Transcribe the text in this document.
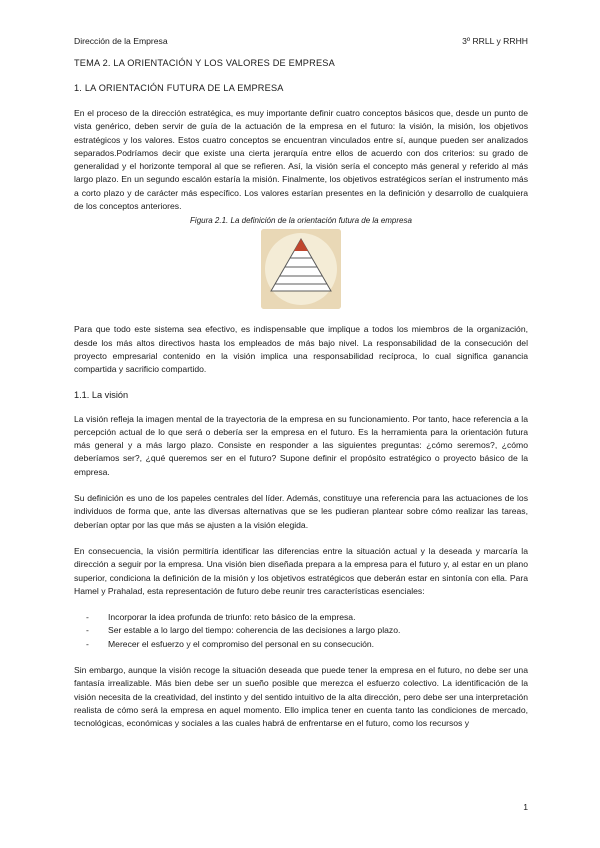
Dirección de la Empresa	3º RRLL y RRHH
TEMA 2. LA ORIENTACIÓN Y LOS VALORES DE EMPRESA
1. LA ORIENTACIÓN FUTURA DE LA EMPRESA

En el proceso de la dirección estratégica, es muy importante definir cuatro conceptos básicos que, desde un punto de vista genérico, deben servir de guía de la actuación de la empresa en el futuro: la visión, la misión, los objetivos estratégicos y los valores. Estos cuatro conceptos se encuentran vinculados entre sí, aunque pueden ser analizados separados.Podríamos decir que existe una cierta jerarquía entre ellos de acuerdo con dos criterios: su grado de generalidad y el horizonte temporal al que se refieren. Así, la visión sería el concepto más general y referido al más largo plazo. En un segundo escalón estaría la misión. Finalmente, los objetivos estratégicos serían el instrumento más a corto plazo y de carácter más específico. Los valores estarían presentes en la definición y desarrollo de cualquiera de los conceptos anteriores.

Figura 2.1. La definición de la orientación futura de la empresa

Para que todo este sistema sea efectivo, es indispensable que implique a todos los miembros de la organización, desde los más altos directivos hasta los empleados de más bajo nivel. La responsabilidad de la consecución del proyecto empresarial contenido en la visión implica una responsabilidad recíproca, lo cual significa ganancia compartida y sacrificio compartido.

1.1. La visión

La visión refleja la imagen mental de la trayectoria de la empresa en su funcionamiento. Por tanto, hace referencia a la percepción actual de lo que será o debería ser la empresa en el futuro. Es la herramienta para la orientación futura más general y a más largo plazo. Consiste en responder a las siguientes preguntas: ¿cómo seremos?, ¿cómo deberíamos ser?, ¿qué queremos ser en el futuro? Supone definir el propósito estratégico o proyecto básico de la empresa.

Su definición es uno de los papeles centrales del líder. Además, constituye una referencia para las actuaciones de los individuos de forma que, ante las diversas alternativas que se les pudieran plantear sobre cómo realizar las tareas, deberían optar por las que más se ajusten a la visión elegida.

En consecuencia, la visión permitiría identificar las diferencias entre la situación actual y la deseada y marcaría la dirección a seguir por la empresa. Una visión bien diseñada prepara a la empresa para el futuro y, al estar en un plano superior, condiciona la definición de la misión y los objetivos estratégicos que deberán estar en sintonía con ella. Para Hamel y Prahalad, esta representación de futuro debe reunir tres características esenciales:

- Incorporar la idea profunda de triunfo: reto básico de la empresa.
- Ser estable a lo largo del tiempo: coherencia de las decisiones a largo plazo.
- Merecer el esfuerzo y el compromiso del personal en su consecución.

Sin embargo, aunque la visión recoge la situación deseada que puede tener la empresa en el futuro, no debe ser una fantasía irrealizable. Más bien debe ser un sueño posible que merezca el esfuerzo colectivo. La identificación de la visión necesita de la creatividad, del instinto y del sentido intuitivo de la alta dirección, pero debe ser una interpretación realista de cómo será la empresa en aquel momento. Ello implica tener en cuenta tanto las condiciones de mercado, tecnológicas, económicas y sociales a las cuales habrá de enfrentarse en el futuro, como los recursos y

1
